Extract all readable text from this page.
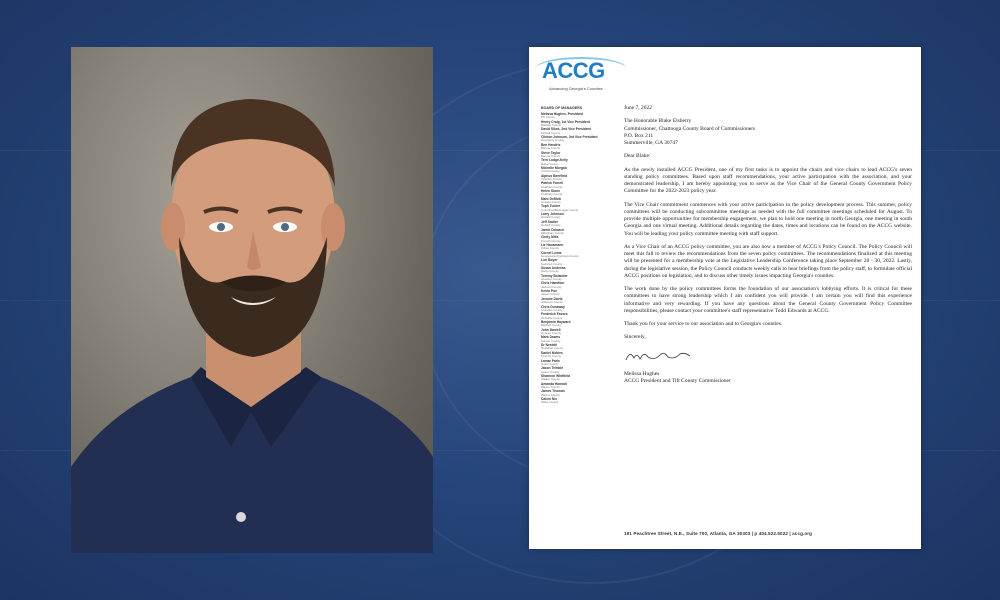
ACCG
Advancing Georgia's Counties
BOARD OF MANAGERS
Melissa Hughes, President
Tift County
Henry Craig, 1st Vice President
Baldwin County
David Sikes, 2nd Vice President
Tattnall County
Clinton Johnson, 3rd Vice President
Dougherty County
Ben Hendrix
Bartow County
Steve Taylor
Barrow County
Terri Lodge-Kelly
Burke County
Michelle Morgan
Carroll County
Alphus Beerfield
Charlton County
Patrick Farrell
Chatham County
Helen Stone
Chatham County
Marc DeMott
Coweta County
Toph Tucker
Columbus/Muscogee County
Larry Johnson
DeKalb County
Jeff Sadler
DeKalb County
Jamie Deloach
Effingham County
Cindy Mills
Forsyth County
Liz Hausmann
Fulton County
Cornel Lewis
Georgetown/Quitman County
Lori Boyer
Gwinnett County
Susan Andrews
Harris County
Tommy Bolander
Houston County
Chris Hamilton
Jackson County
Kevin Poe
Jasper County
Jerome Davis
Jefferson County
Chris Dunaway
Lowndes County
Frederick Favors
McDuffie County
Benjamin Hayward
Mitchell County
John Daniell
Oconee County
Mark Dawes
Sumter County
Dr Nesbitt
Rockdale County
Daniel Nobles
Toombs County
Lamar Paris
Union County
Jason Trimble
Upson County
Shannon Whitfield
Walker County
Amanda Hannah
Wayne County
James Thomas
Wayne County
Calvin Nix
White County

June 7, 2022

The Honorable Blake Elsberry
Commissioner, Chattooga County Board of Commissioners
P.O. Box 211
Summerville, GA 30747

Dear Blake:

As the newly installed ACCG President, one of my first tasks is to appoint the chairs and vice chairs to lead ACCG's seven standing policy committees. Based upon staff recommendations, your active participation with the association, and your demonstrated leadership, I am hereby appointing you to serve as the Vice Chair of the General County Government Policy Committee for the 2022-2023 policy year.

The Vice Chair commitment commences with your active participation in the policy development process. This summer, policy committees will be conducting subcommittee meetings as needed with the full committee meetings scheduled for August. To provide multiple opportunities for membership engagement, we plan to hold one meeting in north Georgia, one meeting in south Georgia and one virtual meeting. Additional details regarding the dates, times and locations can be found on the ACCG website. You will be leading your policy committee meeting with staff support.

As a Vice Chair of an ACCG policy committee, you are also now a member of ACCG's Policy Council. The Policy Council will meet this fall to review the recommendations from the seven policy committees. The recommendations finalized at this meeting will be presented for a membership vote at the Legislative Leadership Conference taking place September 28 - 30, 2022. Lastly, during the legislative session, the Policy Council conducts weekly calls to hear briefings from the policy staff, to formulate official ACCG positions on legislation, and to discuss other timely issues impacting Georgia's counties.

The work done by the policy committees forms the foundation of our association's lobbying efforts. It is critical for these committees to have strong leadership which I am confident you will provide. I am certain you will find this experience informative and very rewarding. If you have any questions about the General County Government Policy Committee responsibilities, please contact your committee's staff representative Todd Edwards at ACCG.

Thank you for your service to our association and to Georgia's counties.

Sincerely,

Melissa Hughes
ACCG President and Tift County Commissioner
191 Peachtree Street, N.E., Suite 700, Atlanta, GA 30303 | p 404.522.5022 | accg.org
